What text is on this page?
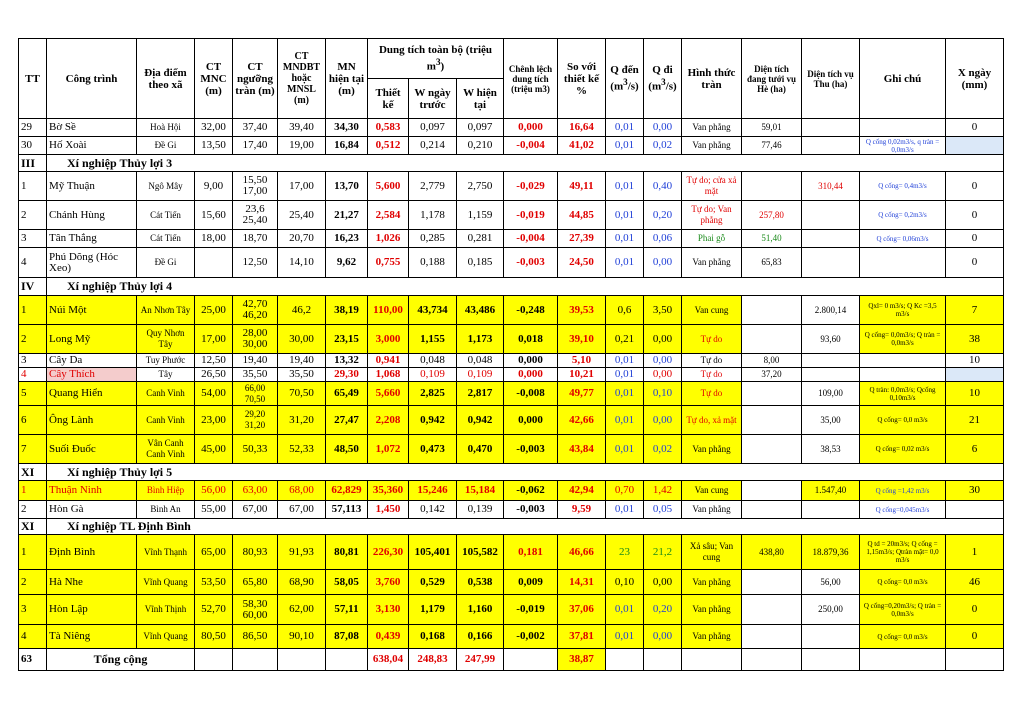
TT	Công trình	Địa điểm theo xã	CT MNC (m)	CT ngưỡng tràn (m)	CT MNDBT hoặc MNSL (m)	MN hiện tại (m)	Dung tích toàn bộ (triệu $m^3$)			Chênh lệch dung tích (triệu m3)	So với thiết kế %	Q đến $(m^3/s)$	Q đi $(m^3/s)$	Hình thức tràn	Diện tích đang tưới vụ Hè (ha)	Diện tích vụ Thu (ha)	Ghi chú	X ngày (mm)
							Thiết kế	W ngày trước	W hiện tại									
29	Bờ Sề	Hoà Hội	32,00	37,40	39,40	34,30	0,583	0,097	0,097	0,000	16,64	0,01	0,00	Van phẳng	59,01			0
30	Hố Xoài	Đề Gi	13,50	17,40	19,00	16,84	0,512	0,214	0,210	-0,004	41,02	0,01	0,02	Van phẳng	77,46		Q cống 0,02m3/s, q tràn = 0,0m3/s	
III	Xí nghiệp Thủy lợi 3																	
1	Mỹ Thuận	Ngô Mây	9,00	15,50
17,00	17,00	13,70	5,600	2,779	2,750	-0,029	49,11	0,01	0,40	Tự do; cửa xả mặt		310,44	Q cống= 0,4m3/s	0
2	Chánh Hùng	Cát Tiến	15,60	23,6
25,40	25,40	21,27	2,584	1,178	1,159	-0,019	44,85	0,01	0,20	Tự do; Van phẳng	257,80		Q cống= 0,2m3/s	0
3	Tân Thắng	Cát Tiến	18,00	18,70	20,70	16,23	1,026	0,285	0,281	-0,004	27,39	0,01	0,06	Phai gỗ	51,40		Q cống= 0,06m3/s	0
4	Phú Dõng (Hóc Xeo)	Đề Gi		12,50	14,10	9,62	0,755	0,188	0,185	-0,003	24,50	0,01	0,00	Van phẳng	65,83			0
IV	Xí nghiệp Thủy lợi 4																	
1	Núi Một	An Nhơn Tây	25,00	42,70
46,20	46,2	38,19	110,00	43,734	43,486	-0,248	39,53	0,6	3,50	Van cung		2.800,14	Qxl= 0 m3/s; Q Kc =3,5 m3/s	7
2	Long Mỹ	Quy Nhơn Tây	17,00	28,00
30,00	30,00	23,15	3,000	1,155	1,173	0,018	39,10	0,21	0,00	Tự do		93,60	Q cống= 0,0m3/s; Q tràn = 0,0m3/s	38
3	Cây Da	Tuy Phước	12,50	19,40	19,40	13,32	0,941	0,048	0,048	0,000	5,10	0,01	0,00	Tự do	8,00			10
4	Cây Thích	Tây	26,50	35,50	35,50	29,30	1,068	0,109	0,109	0,000	10,21	0,01	0,00	Tự do	37,20			
5	Quang Hiển	Canh Vinh	54,00	66,00
70,50	70,50	65,49	5,660	2,825	2,817	-0,008	49,77	0,01	0,10	Tự do		109,00	Q tràn: 0,0m3/s; Qcống 0,10m3/s	10
6	Ông Lành	Canh Vinh	23,00	29,20
31,20	31,20	27,47	2,208	0,942	0,942	0,000	42,66	0,01	0,00	Tự do, xả mặt		35,00	Q cống= 0,0 m3/s	21
7	Suối Đuốc	Vân Canh
Canh Vinh	45,00	50,33	52,33	48,50	1,072	0,473	0,470	-0,003	43,84	0,01	0,02	Van phẳng		38,53	Q cống= 0,02 m3/s	6
XI	Xí nghiệp Thủy lợi 5																	
1	Thuận Ninh	Bình Hiệp	56,00	63,00	68,00	62,829	35,360	15,246	15,184	-0,062	42,94	0,70	1,42	Van cung		1.547,40	Q cống =1,42 m3/s	30
2	Hòn Gà	Bình An	55,00	67,00	67,00	57,113	1,450	0,142	0,139	-0,003	9,59	0,01	0,05	Van phẳng			Q cống=0,045m3/s	
XI	Xí nghiệp TL Định Bình																	
1	Định Bình	Vĩnh Thạnh	65,00	80,93	91,93	80,81	226,30	105,401	105,582	0,181	46,66	23	21,2	Xả sâu; Van cung	438,80	18.879,36	Q td = 20m3/s; Q cống = 1,15m3/s; Qtràn mặt= 0,0 m3/s	1
2	Hà Nhe	Vĩnh Quang	53,50	65,80	68,90	58,05	3,760	0,529	0,538	0,009	14,31	0,10	0,00	Van phẳng		56,00	Q cống= 0,0 m3/s	46
3	Hòn Lập	Vĩnh Thịnh	52,70	58,30
60,00	62,00	57,11	3,130	1,179	1,160	-0,019	37,06	0,01	0,20	Van phẳng		250,00	Q cống=0,20m3/s; Q tràn = 0,0m3/s	0
4	Tà Niêng	Vĩnh Quang	80,50	86,50	90,10	87,08	0,439	0,168	0,166	-0,002	37,81	0,01	0,00	Van phẳng			Q cống= 0,0 m3/s	0
63	Tổng cộng						638,04	248,83	247,99		38,87							
